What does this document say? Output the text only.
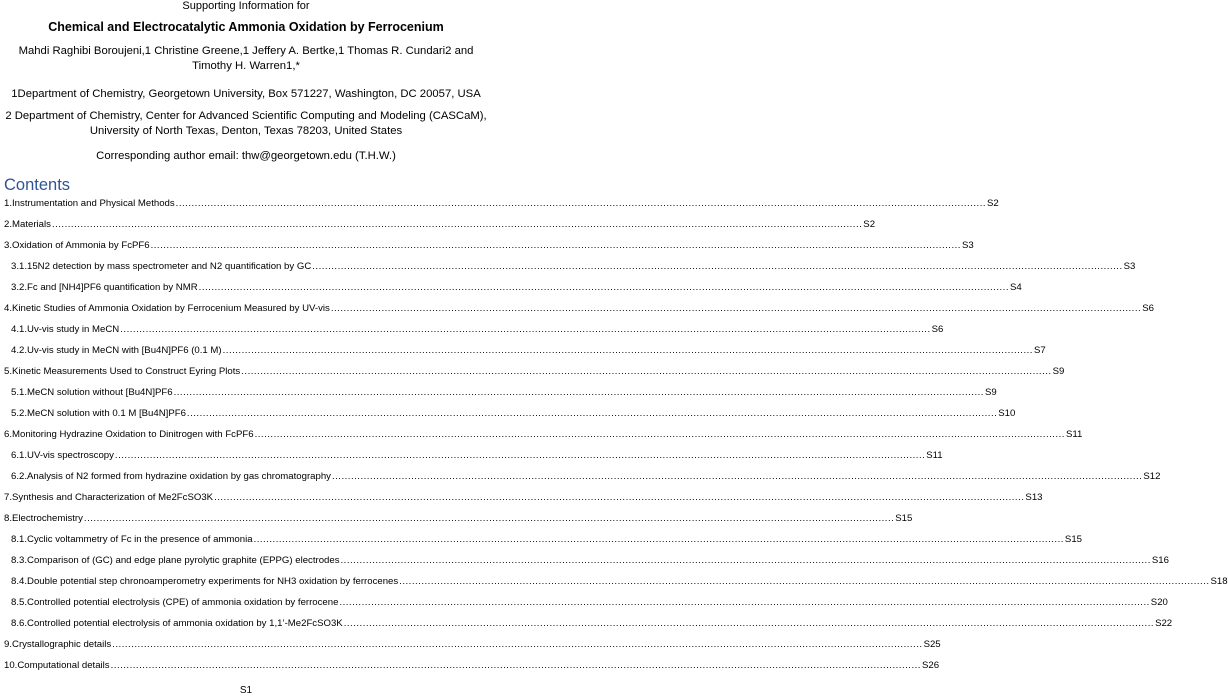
Supporting Information for
Chemical and Electrocatalytic Ammonia Oxidation by Ferrocenium
Mahdi Raghibi Boroujeni,1 Christine Greene,1 Jeffery A. Bertke,1 Thomas R. Cundari2 and
Timothy H. Warren1,*
1Department of Chemistry, Georgetown University, Box 571227, Washington, DC 20057, USA
2 Department of Chemistry, Center for Advanced Scientific Computing and Modeling (CASCaM),
University of North Texas, Denton, Texas 78203, United States
Corresponding author email: thw@georgetown.edu (T.H.W.)
Contents
1. Instrumentation and Physical Methods .....	S2
2. Materials .....	S2
3. Oxidation of Ammonia by FcPF6 .....	S3
3.1. 15N2 detection by mass spectrometer and N2 quantification by GC .....	S3
3.2. Fc and [NH4]PF6 quantification by NMR .....	S4
4. Kinetic Studies of Ammonia Oxidation by Ferrocenium Measured by UV-vis .....	S6
4.1. Uv-vis study in MeCN .....	S6
4.2. Uv-vis study in MeCN with [Bu4N]PF6 (0.1 M) .....	S7
5. Kinetic Measurements Used to Construct Eyring Plots .....	S9
5.1. MeCN solution without [Bu4N]PF6 .....	S9
5.2. MeCN solution with 0.1 M [Bu4N]PF6 .....	S10
6. Monitoring Hydrazine Oxidation to Dinitrogen with FcPF6 .....	S11
6.1. UV-vis spectroscopy .....	S11
6.2. Analysis of N2 formed from hydrazine oxidation by gas chromatography .....	S12
7. Synthesis and Characterization of Me2FcSO3K .....	S13
8. Electrochemistry .....	S15
8.1. Cyclic voltammetry of Fc in the presence of ammonia .....	S15
8.3. Comparison of (GC) and edge plane pyrolytic graphite (EPPG) electrodes .....	S16
8.4. Double potential step chronoamperometry experiments for NH3 oxidation by ferrocenes .....	S18
8.5. Controlled potential electrolysis (CPE) of ammonia oxidation by ferrocene .....	S20
8.6. Controlled potential electrolysis of ammonia oxidation by 1,1’-Me2FcSO3K .....	S22
9. Crystallographic details .....	S25
10. Computational details .....	S26
S1
